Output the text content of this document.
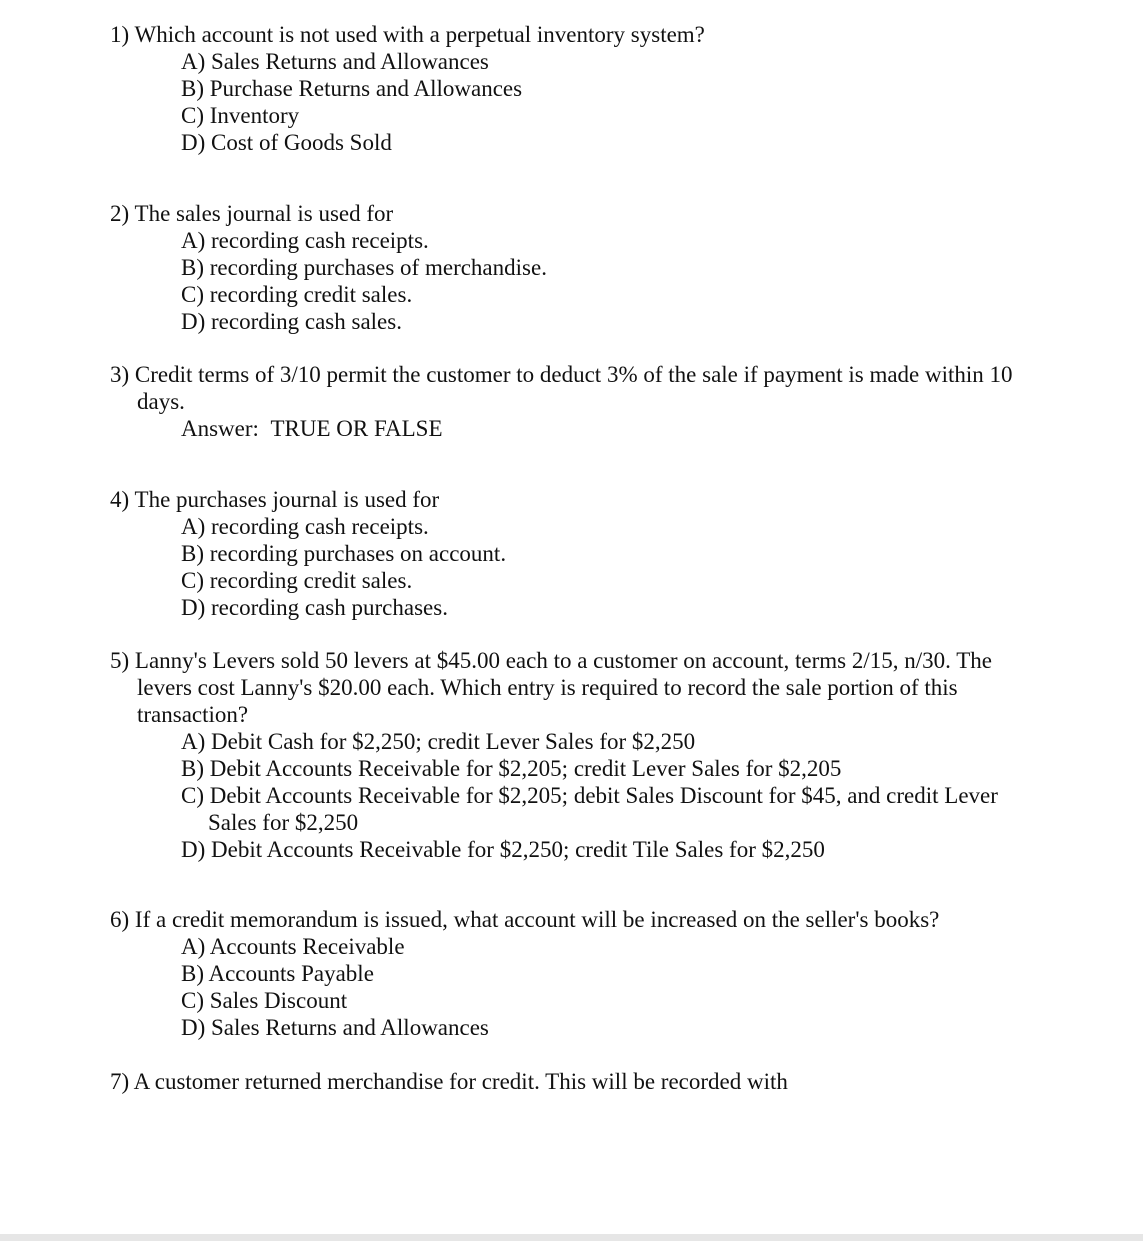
1) Which account is not used with a perpetual inventory system?
A) Sales Returns and Allowances
B) Purchase Returns and Allowances
C) Inventory
D) Cost of Goods Sold
2) The sales journal is used for
A) recording cash receipts.
B) recording purchases of merchandise.
C) recording credit sales.
D) recording cash sales.
3) Credit terms of 3/10 permit the customer to deduct 3% of the sale if payment is made within 10 days.
Answer: TRUE OR FALSE
4) The purchases journal is used for
A) recording cash receipts.
B) recording purchases on account.
C) recording credit sales.
D) recording cash purchases.
5) Lanny's Levers sold 50 levers at $45.00 each to a customer on account, terms 2/15, n/30. The levers cost Lanny's $20.00 each. Which entry is required to record the sale portion of this transaction?
A) Debit Cash for $2,250; credit Lever Sales for $2,250
B) Debit Accounts Receivable for $2,205; credit Lever Sales for $2,205
C) Debit Accounts Receivable for $2,205; debit Sales Discount for $45, and credit Lever Sales for $2,250
D) Debit Accounts Receivable for $2,250; credit Tile Sales for $2,250
6) If a credit memorandum is issued, what account will be increased on the seller's books?
A) Accounts Receivable
B) Accounts Payable
C) Sales Discount
D) Sales Returns and Allowances
7) A customer returned merchandise for credit. This will be recorded with
